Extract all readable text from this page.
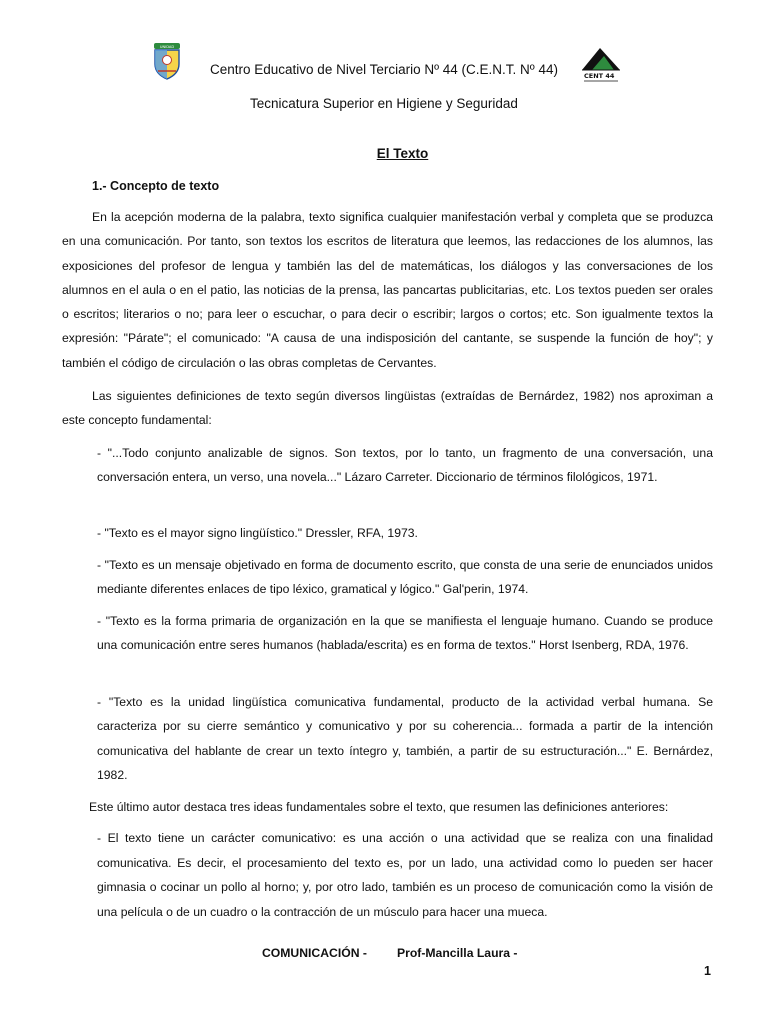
UNIDAD
CENT 44
Centro Educativo de Nivel Terciario Nº 44 (C.E.N.T. Nº 44)
Tecnicatura Superior en Higiene y Seguridad
El Texto
1.- Concepto de texto

En la acepción moderna de la palabra, texto significa cualquier manifestación verbal y completa que se produzca en una comunicación. Por tanto, son textos los escritos de literatura que leemos, las redacciones de los alumnos, las exposiciones del profesor de lengua y también las del de matemáticas, los diálogos y las conversaciones de los alumnos en el aula o en el patio, las noticias de la prensa, las pancartas publicitarias, etc. Los textos pueden ser orales o escritos; literarios o no; para leer o escuchar, o para decir o escribir; largos o cortos; etc. Son igualmente textos la expresión: "Párate"; el comunicado: "A causa de una indisposición del cantante, se suspende la función de hoy"; y también el código de circulación o las obras completas de Cervantes.

Las siguientes definiciones de texto según diversos lingüistas (extraídas de Bernárdez, 1982) nos aproximan a este concepto fundamental:

- "...Todo conjunto analizable de signos. Son textos, por lo tanto, un fragmento de una conversación, una conversación entera, un verso, una novela..." Lázaro Carreter. Diccionario de términos filológicos, 1971.

- "Texto es el mayor signo lingüístico." Dressler, RFA, 1973.

- "Texto es un mensaje objetivado en forma de documento escrito, que consta de una serie de enunciados unidos mediante diferentes enlaces de tipo léxico, gramatical y lógico." Gal'perin, 1974.

- "Texto es la forma primaria de organización en la que se manifiesta el lenguaje humano. Cuando se produce una comunicación entre seres humanos (hablada/escrita) es en forma de textos." Horst Isenberg, RDA, 1976.

- "Texto es la unidad lingüística comunicativa fundamental, producto de la actividad verbal humana. Se caracteriza por su cierre semántico y comunicativo y por su coherencia... formada a partir de la intención comunicativa del hablante de crear un texto íntegro y, también, a partir de su estructuración..." E. Bernárdez, 1982.

Este último autor destaca tres ideas fundamentales sobre el texto, que resumen las definiciones anteriores:

- El texto tiene un carácter comunicativo: es una acción o una actividad que se realiza con una finalidad comunicativa. Es decir, el procesamiento del texto es, por un lado, una actividad como lo pueden ser hacer gimnasia o cocinar un pollo al horno; y, por otro lado, también es un proceso de comunicación como la visión de una película o de un cuadro o la contracción de un músculo para hacer una mueca.

COMUNICACIÓN - Prof-Mancilla Laura -
1
